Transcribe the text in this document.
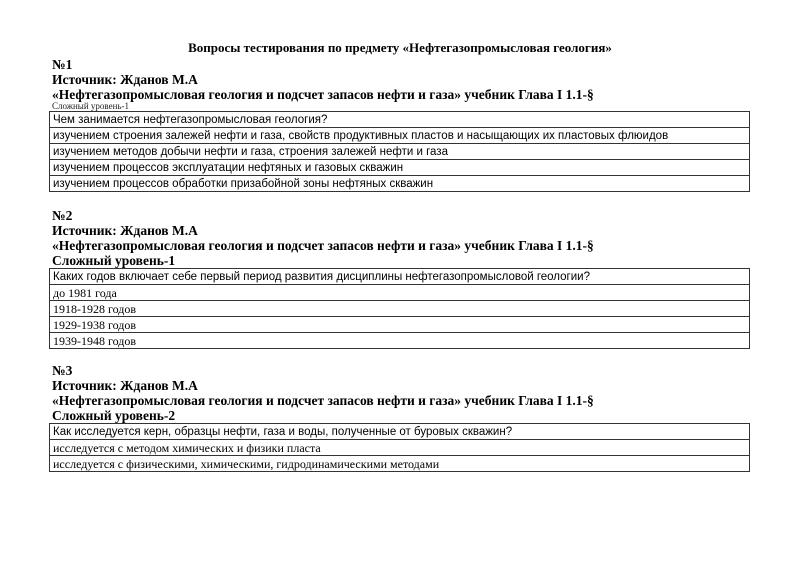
Вопросы тестирования по предмету «Нефтегазопромысловая геология»
№1
Источник: Жданов М.А
«Нефтегазопромысловая геология и подсчет запасов нефти и газа» учебник Глава I 1.1-§
Сложный уровень-1
Чем занимается нефтегазопромысловая геология?
изучением строения залежей нефти и газа, свойств продуктивных пластов и насыщающих их пластовых флюидов
изучением методов добычи нефти и газа, строения залежей нефти и газа
изучением процессов эксплуатации нефтяных и газовых скважин
изучением процессов обработки призабойной зоны нефтяных скважин
№2
Источник: Жданов М.А
«Нефтегазопромысловая геология и подсчет запасов нефти и газа» учебник Глава I 1.1-§
Сложный уровень-1
Каких годов включает себе первый период развития дисциплины нефтегазопромысловой геологии?
до 1981 года
1918-1928 годов
1929-1938 годов
1939-1948 годов
№3
Источник: Жданов М.А
«Нефтегазопромысловая геология и подсчет запасов нефти и газа» учебник Глава I 1.1-§
Сложный уровень-2
Как исследуется керн, образцы нефти, газа и воды, полученные от буровых скважин?
исследуется с методом химических и физики пласта
исследуется с физическими, химическими, гидродинамическими методами
